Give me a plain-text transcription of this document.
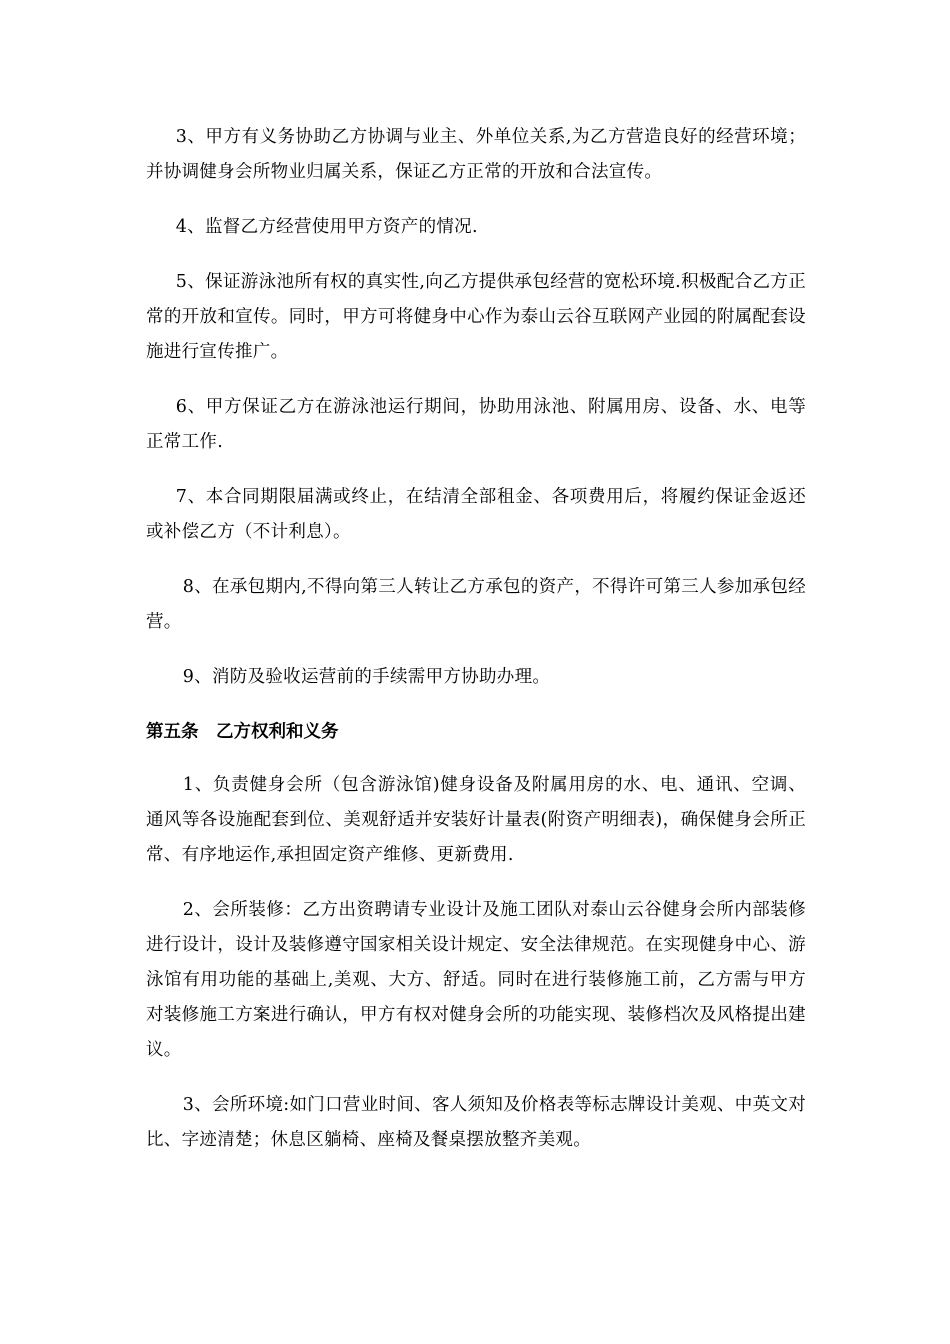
3、甲方有义务协助乙方协调与业主、外单位关系,为乙方营造良好的经营环境；并协调健身会所物业归属关系，保证乙方正常的开放和合法宣传。

4、监督乙方经营使用甲方资产的情况.

5、保证游泳池所有权的真实性,向乙方提供承包经营的宽松环境.积极配合乙方正常的开放和宣传。同时，甲方可将健身中心作为泰山云谷互联网产业园的附属配套设施进行宣传推广。

6、甲方保证乙方在游泳池运行期间，协助用泳池、附属用房、设备、水、电等正常工作.

7、本合同期限届满或终止，在结清全部租金、各项费用后，将履约保证金返还或补偿乙方（不计利息）。

8、在承包期内,不得向第三人转让乙方承包的资产，不得许可第三人参加承包经营。

9、消防及验收运营前的手续需甲方协助办理。

第五条　乙方权利和义务

1、负责健身会所（包含游泳馆)健身设备及附属用房的水、电、通讯、空调、通风等各设施配套到位、美观舒适并安装好计量表(附资产明细表)，确保健身会所正常、有序地运作,承担固定资产维修、更新费用.

2、会所装修：乙方出资聘请专业设计及施工团队对泰山云谷健身会所内部装修进行设计，设计及装修遵守国家相关设计规定、安全法律规范。在实现健身中心、游泳馆有用功能的基础上,美观、大方、舒适。同时在进行装修施工前，乙方需与甲方对装修施工方案进行确认，甲方有权对健身会所的功能实现、装修档次及风格提出建议。

3、会所环境:如门口营业时间、客人须知及价格表等标志牌设计美观、中英文对比、字迹清楚；休息区躺椅、座椅及餐桌摆放整齐美观。
